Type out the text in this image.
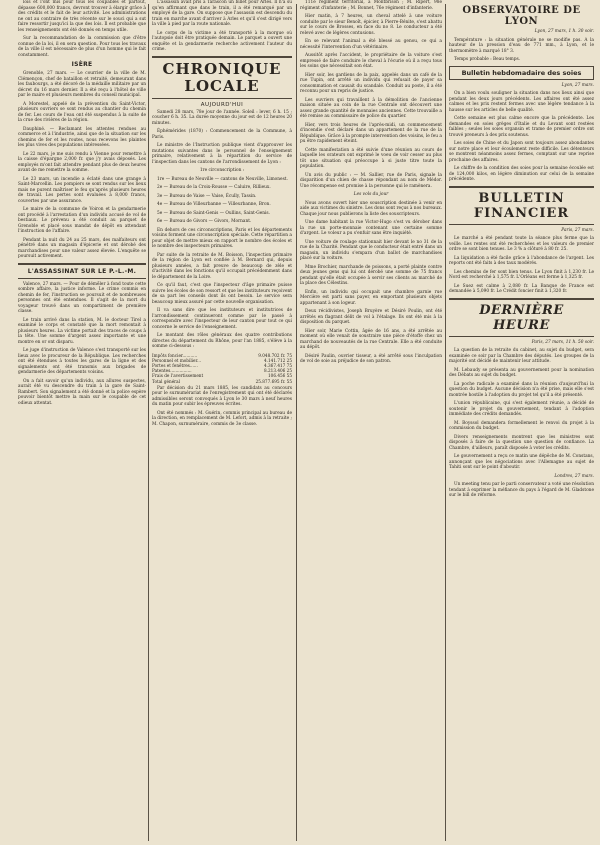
lois et l'ont mis pour tous les coupables et partout, dépasse 600,000 francs, devront trouver à élargir grâce à des crédits et le fait de leur activité. Les administrations ne ont au contraire de très récente sur le souci qui a sut faire ressortir jusqu'ici la que des lois. Il est probable que les renseignements ont été donnés en temps utile.

Sur la recommandation de la commission que d'être connue de la loi, il en sera question. Pour tous les travaux de la ville il est nécessaire de plus d'un homme qui le fait constamment.

ISÈRE

Grenoble, 27 mars. — Le courrier de la ville de M. Clémençon, chef de bataillon et retraité, demeurant dans les faubourgs, a été décoré de la médaille militaire par un décret du 16 mars dernier. Il a été reçu à l'hôtel de ville par le maire et plusieurs membres du conseil municipal.

A Morestel, appelé de la prévention du Saint-Victor, plusieurs ouvriers se sont rendus au chantier du chemin de fer. Les cours de l'eau ont été suspendus à la suite de la crue des rivières de la région.

Dauphiné. — Reclamant les attentes rendues au commerce et à l'industrie, ainsi que de la situation sur les chemins de fer et les routes, nous recevons les plaintes les plus vives des populations intéressées.

Le 22 mars, je me suis rendu à Vienne pour remettre à la caisse d'épargne 2,000 fr. que j'y avais déposés. Les employés m'ont fait attendre pendant plus de deux heures avant de me remettre la somme.

Le 23 mars, un incendie a éclaté dans une grange à Saint-Marcellin. Les pompiers se sont rendus sur les lieux mais ne purent maîtriser le feu qu'après plusieurs heures de travail. Les pertes sont évaluées à 8,000 francs, couvertes par une assurance.

Le maire de la commune de Voiron et la gendarmerie ont procédé à l'arrestation d'un individu accusé de vol de bestiaux. Le prévenu a été conduit au parquet de Grenoble et placé sous mandat de dépôt en attendant l'instruction de l'affaire.

Pendant la nuit du 24 au 25 mars, des malfaiteurs ont pénétré dans un magasin d'épicerie et ont dérobé des marchandises pour une valeur assez élevée. L'enquête se poursuit activement.

L'ASSASSINAT SUR LE P.-L.-M.

Valence, 27 mars. — Pour de démêler à fond toute cette sombre affaire, la justice informe. Le crime commis en chemin de fer, l'instruction se poursuit et de nombreuses personnes ont été entendues. Il s'agit de la mort du voyageur trouvé dans un compartiment de première classe.

Le train arrivé dans la station, M. le docteur Tirel a examiné le corps et constaté que la mort remontait à plusieurs heures. La victime portait des traces de coups à la tête. Une somme d'argent assez importante et une montre en or ont disparu.

Le juge d'instruction de Valence s'est transporté sur les lieux avec le procureur de la République. Les recherches ont été étendues à toutes les gares de la ligne et des signalements ont été transmis aux brigades de gendarmerie des départements voisins.

On a fait savoir qu'un individu, aux allures suspectes, aurait été vu descendre du train à la gare de Saint-Rambert. Son signalement a été donné et la police espère pouvoir bientôt mettre la main sur le coupable de cet odieux attentat.

L'assassin avait pris à Tarascon un billet pour Arles. Il n'a su qu'en affirmant que dans le train, il a été remarqué par un employé de la gare. On suppose que l'assassin est descendu du train en marche avant d'arriver à Arles et qu'il s'est dirigé vers la ville à pied par la route nationale.

Le corps de la victime a été transporté à la morgue où l'autopsie doit être pratiquée demain. Le parquet a ouvert une enquête et la gendarmerie recherche activement l'auteur du crime.

CHRONIQUE LOCALE
AUJOURD'HUI

Samedi 28 mars, 78e jour de l'année. Soleil : lever, 6 h. 15 ; coucher 6 h. 35. La durée moyenne du jour est de 12 heures 20 minutes.

Éphémérides (1870) : Commencement de la Commune, à Paris.

Le ministre de l'Instruction publique vient d'approuver les mutations suivantes dans le personnel de l'enseignement primaire, relativement à la répartition du service de l'inspection dans les cantons de l'arrondissement de Lyon :

1re circonscription :

1re — Bureau de Neuville — cantons de Neuville, Limonest.

2e — Bureau de la Croix-Rousse — Caluire, Rillieux.

3e — Bureau de Vaise — Vaise, Écully, Tassin.

4e — Bureau de Villeurbanne — Villeurbanne, Bron.

5e — Bureau de Saint-Genis — Oullins, Saint-Genis.

6e — Bureau de Givors — Givors, Mornant.

En dehors de ces circonscriptions, Paris et les départements voisins forment une circonscription spéciale. Cette répartition a pour objet de mettre mieux en rapport le nombre des écoles et le nombre des inspecteurs primaires.

Par suite de la retraite de M. Boisson, l'inspection primaire de la région de Lyon est confiée à M. Bernard qui, depuis plusieurs années, a fait preuve de beaucoup de zèle et d'activité dans les fonctions qu'il occupait précédemment dans le département de la Loire.

Ce qu'il faut, c'est que l'inspecteur d'âge primaire puisse suivre les écoles de son ressort et que les instituteurs reçoivent de sa part les conseils dont ils ont besoin. Le service sera beaucoup mieux assuré par cette nouvelle organisation.

Il va sans dire que les instituteurs et institutrices de l'arrondissement continueront comme par le passé à correspondre avec l'inspecteur de leur canton pour tout ce qui concerne le service de l'enseignement.

Le montant des rôles généraux des quatre contributions directes du département du Rhône, pour l'an 1885, s'élève à la somme ci-dessous :

Impôts foncier...........	9.048.702 fr. 75
Personnel et mobilier...	4.141.712 25
Portes et fenêtres......	4.367.417 75
Patentes................	8.213.406 25
Frais de l'avertissement	106.456 55
Total général	25.877.695 fr. 55

Par décision du 21 mars 1885, les candidats au concours pour le surnumérariat de l'enregistrement qui ont été déclarés admissibles seront convoqués à Lyon le 30 mars à neuf heures du matin pour subir les épreuves écrites.

Ont été nommés : M. Guérin, commis principal au bureau de la direction, en remplacement de M. Lefort, admis à la retraite ; M. Chapon, surnuméraire, commis de 3e classe.

111e régiment territorial, à Montbrison ; M. Ripert, 98e régiment d'infanterie ; M. Bonnet, 76e régiment d'infanterie.

Hier matin, à 7 heures, un cheval attelé à une voiture conduite par le sieur Benoît, épicier, à Pierre-Bénite, s'est abattu sur le cours de Brosses, en face du no 8. Le conducteur a été relevé avec de légères contusions.

En se relevant l'animal a été blessé au genou, ce qui a nécessité l'intervention d'un vétérinaire.

Aussitôt après l'accident, le propriétaire de la voiture s'est empressé de faire conduire le cheval à l'écurie où il a reçu tous les soins que nécessitait son état.

Hier soir, les gardiens de la paix, appelés dans un café de la rue Tupin, ont arrêté un individu qui refusait de payer sa consommation et causait du scandale. Conduit au poste, il a été reconnu pour un repris de justice.

Les ouvriers qui travaillent à la démolition de l'ancienne maison située au coin de la rue Centrale ont découvert une assez grande quantité de monnaies anciennes. Cette trouvaille a été remise au commissaire de police du quartier.

Hier, vers trois heures de l'après-midi, un commencement d'incendie s'est déclaré dans un appartement de la rue de la République. Grâce à la prompte intervention des voisins, le feu a pu être rapidement éteint.

Cette manifestation a été suivie d'une réunion au cours de laquelle les orateurs ont exprimé le voeu de voir cesser au plus tôt une situation qui préoccupe à si juste titre toute la population.

Un avis du public : — M. Sallier, rue de Paris, signale la disparition d'un chien de chasse répondant au nom de Médor. Une récompense est promise à la personne qui le ramènera.

Les vols du jour

Nous avons ouvert hier une souscription destinée à venir en aide aux victimes du sinistre. Les dons sont reçus à nos bureaux. Chaque jour nous publierons la liste des souscripteurs.

Une dame habitant la rue Victor-Hugo s'est vu dérober dans la rue un porte-monnaie contenant une certaine somme d'argent. Le voleur a pu s'enfuir sans être inquiété.

Une voiture de roulage stationnait hier devant le no 31 de la rue de la Charité. Pendant que le conducteur était entré dans un magasin, un individu s'empara d'un ballot de marchandises placé sur la voiture.

Mme Brochier, marchande de poissons, a porté plainte contre deux jeunes gens qui lui ont dérobé une somme de 75 francs pendant qu'elle était occupée à servir ses clients au marché de la place des Célestins.

Enfin, un individu qui occupait une chambre garnie rue Mercière est parti sans payer, en emportant plusieurs objets appartenant à son logeur.

Deux récidivistes, Joseph Bruyère et Désiré Poulin, ont été arrêtés en flagrant délit de vol à l'étalage. Ils ont été mis à la disposition du parquet.

Hier soir, Marie Cottin, âgée de 16 ans, a été arrêtée au moment où elle venait de soustraire une pièce d'étoffe chez un marchand de nouveautés de la rue Centrale. Elle a été conduite au dépôt.

Désiré Paulin, ouvrier tisseur, a été arrêté sous l'inculpation de vol de soie au préjudice de son patron.

OBSERVATOIRE DE LYON

Lyon, 27 mars, 1 h. 30 soir.

Température : la situation générale ne se modifie pas. A la hauteur de la pression d'eau de 771 mm., à Lyon, et le thermomètre à marqué 18° 3.

Temps probable : Beau temps.

Bulletin hebdomadaire des soies

Lyon, 27 mars.

On a bien voulu souligner la situation dans nos lieux ainsi que pendant les deux jours précédents. Les affaires ont été assez calmes et les prix restent fermes avec une légère tendance à la hausse sur les articles de belle qualité.

Cette semaine est plus calme encore que la précédente. Les demandes en soies grèges d'Italie et du Levant sont restées faibles ; seules les soies organsin et trame de premier ordre ont trouvé preneurs à des prix soutenus.

Les soies de Chine et du Japon sont toujours assez abondantes sur notre place et leur écoulement reste difficile. Les détenteurs se montrent néanmoins assez fermes, comptant sur une reprise prochaine des affaires.

Le chiffre de la condition des soies pour la semaine écoulée est de 124,000 kilos, en légère diminution sur celui de la semaine précédente.

BULLETIN FINANCIER

Paris, 27 mars.

Le marché a été pendant toute la séance plus ferme que la veille. Les rentes ont été recherchées et les valeurs de premier ordre se sont bien tenues. Le 3 % a clôturé à 80 fr. 25.

La liquidation a été facile grâce à l'abondance de l'argent. Les reports ont été faits à des taux modérés.

Les chemins de fer sont bien tenus. Le Lyon finit à 1,230 fr. Le Nord est recherché à 1,575 fr. L'Orléans est ferme à 1,325 fr.

Le Suez est calme à 2,080 fr. La Banque de France est demandée à 5,090 fr. Le Crédit foncier finit à 1,320 fr.

DERNIÈRE HEURE

Paris, 27 mars, 11 h. 50 soir.

La question de la retraite du cabinet, au sujet du budget, sera examinée ce soir par la Chambre des députés. Les groupes de la majorité ont décidé de maintenir leur attitude.

M. Lebaudy se présenta au gouvernement pour la nomination des Débats au sujet du budget.

La poche radicale a examiné dans la réunion d'aujourd'hui la question du budget. Aucune décision n'a été prise, mais elle s'est montrée hostile à l'adoption du projet tel qu'il a été présenté.

L'union républicaine, qui s'est également réunie, a décidé de soutenir le projet du gouvernement, tendant à l'adoption immédiate des crédits demandés.

M. Boyssol demandera formellement le renvoi du projet à la commission du budget.

Divers renseignements montrent que les ministres sont disposés à faire de la question une question de confiance. La Chambre, d'ailleurs, paraît disposée à voter les crédits.

Le gouvernement a reçu ce matin une dépêche de M. Constans, annonçant que les négociations avec l'Allemagne au sujet de Tahiti sont sur le point d'aboutir.

Londres, 27 mars.

Un meeting tenu par le parti conservateur a voté une résolution tendant à exprimer la méfiance du pays à l'égard de M. Gladstone sur le bill de réforme.
